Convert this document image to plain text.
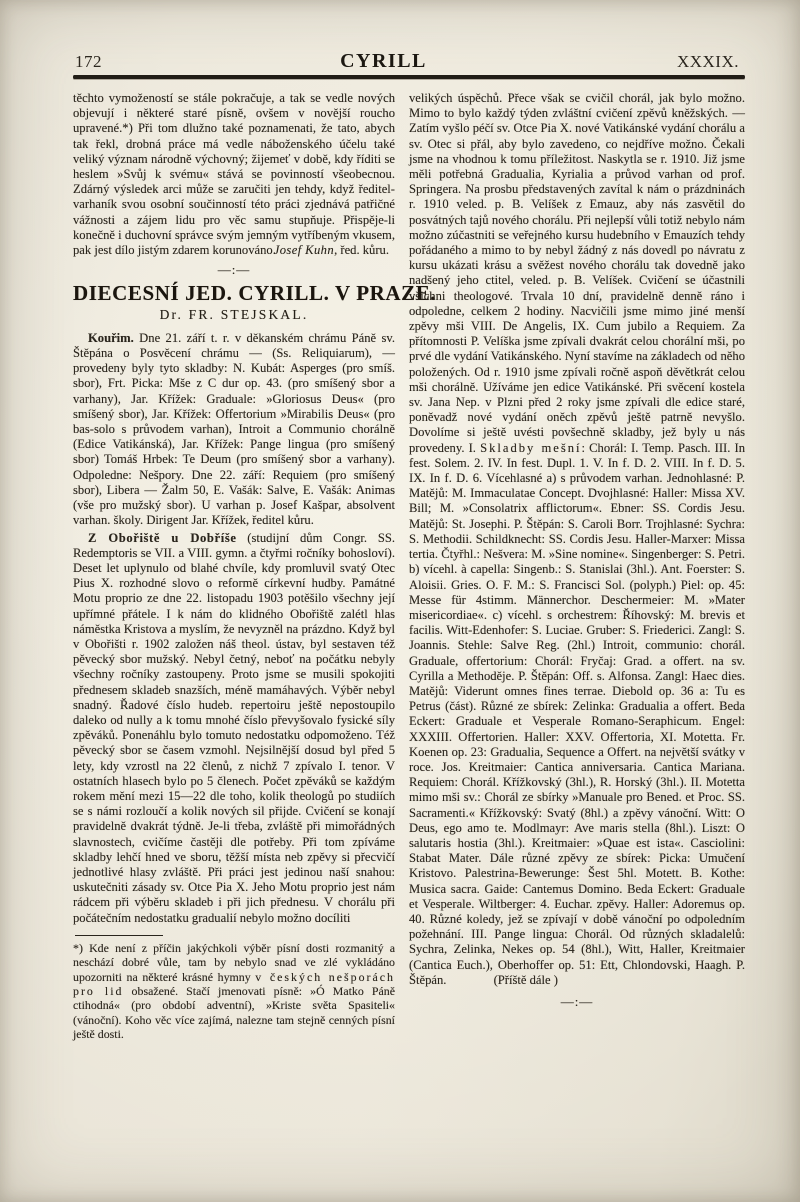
172	CYRILL	XXXIX.

těchto vymožeností se stále pokračuje, a tak se vedle nových objevují i některé staré písně, ovšem v novější roucho upravené.*) Při tom dlužno také poznamenati, že tato, abych tak řekl, drobná práce má vedle náboženského účelu také veliký význam národně výchovný; žijemeť v době, kdy říditi se heslem »Svůj k svému« stává se povinností všeobecnou. Zdárný výsledek arci může se zaručiti jen tehdy, když ředitel-varhaník svou osobní součinností této práci zjednává patřičné vážnosti a zájem lidu pro věc samu stupňuje. Přispěje-li konečně i duchovní správce svým jemným vytříbeným vkusem, pak jest dílo jistým zdarem korunováno.

Josef Kuhn, řed. kůru.
—:—
DIECESNÍ JED. CYRILL. V PRAZE.
Dr. FR. STEJSKAL.

Kouřim. Dne 21. září t. r. v děkanském chrámu Páně sv. Štěpána o Posvěcení chrámu — (Ss. Reliquiarum), — provedeny byly tyto skladby: N. Kubát: Asperges (pro smíš. sbor), Frt. Picka: Mše z C dur op. 43. (pro smíšený sbor a varhany), Jar. Křížek: Graduale: »Gloriosus Deus« (pro smíšený sbor), Jar. Křížek: Offertorium »Mirabilis Deus« (pro bas-solo s průvodem varhan), Introit a Communio chorálně (Edice Vatikánská), Jar. Křížek: Pange lingua (pro smíšený sbor) Tomáš Hrbek: Te Deum (pro smíšený sbor a varhany). Odpoledne: Nešpory. Dne 22. září: Requiem (pro smíšený sbor), Libera — Žalm 50, E. Vašák: Salve, E. Vašák: Animas (vše pro mužský sbor). U varhan p. Josef Kašpar, absolvent varhan. školy. Dirigent Jar. Křížek, ředitel kůru.

Z Obořiště u Dobříše (studijní dům Congr. SS. Redemptoris se VII. a VIII. gymn. a čtyřmi ročníky bohosloví). Deset let uplynulo od blahé chvíle, kdy promluvil svatý Otec Pius X. rozhodné slovo o reformě církevní hudby. Památné Motu proprio ze dne 22. listopadu 1903 potěšilo všechny její upřímné přátele. I k nám do klidného Obořiště zalétl hlas náměstka Kristova a myslím, že nevyzněl na prázdno. Když byl v Obořišti r. 1902 založen náš theol. ústav, byl sestaven též pěvecký sbor mužský. Nebyl četný, neboť na počátku nebyly všechny ročníky zastoupeny. Proto jsme se musili spokojiti přednesem skladeb snazších, méně mamáhavých. Výběr nebyl snadný. Řadové číslo hudeb. repertoiru ještě nepostoupilo daleko od nully a k tomu mnohé číslo převyšovalo fysické síly zpěváků. Ponenáhlu bylo tomuto nedostatku odpomoženo. Též pěvecký sbor se časem vzmohl. Nejsilnější dosud byl před 5 lety, kdy vzrostl na 22 členů, z nichž 7 zpívalo I. tenor. V ostatních hlasech bylo po 5 členech. Počet zpěváků se každým rokem mění mezi 15—22 dle toho, kolik theologů po studiích se s námi rozloučí a kolik nových sil přijde. Cvičení se konají pravidelně dvakrát týdně. Je-li třeba, zvláště při mimořádných slavnostech, cvičíme častěji dle potřeby. Při tom zpíváme skladby lehčí hned ve sboru, těžší místa neb zpěvy si přecvičí jednotlivé hlasy zvláště. Při práci jest jedinou naší snahou: uskutečniti zásady sv. Otce Pia X. Jeho Motu proprio jest nám rádcem při výběru skladeb i při jich přednesu. V chorálu při počátečním nedostatku gradualií nebylo možno docíliti

*) Kde není z příčin jakýchkoli výběr písní dosti rozmanitý a neschází dobré vůle, tam by nebylo snad ve zlé vykládáno upozorniti na některé krásné hymny v českých nešporách pro lid obsažené. Stačí jmenovati písně: »Ó Matko Páně ctihodná« (pro období adventní), »Kriste světa Spasiteli« (vánoční). Koho věc více zajímá, nalezne tam stejně cenných písní ještě dosti.

velikých úspěchů. Přece však se cvičil chorál, jak bylo možno. Mimo to bylo každý týden zvláštní cvičení zpěvů kněžských. — Zatím vyšlo péčí sv. Otce Pia X. nové Vatikánské vydání chorálu a sv. Otec si přál, aby bylo zavedeno, co nejdříve možno. Čekali jsme na vhodnou k tomu příležitost. Naskytla se r. 1910. Již jsme měli potřebná Gradualia, Kyrialia a průvod varhan od prof. Springera. Na prosbu představených zavítal k nám o prázdninách r. 1910 veled. p. B. Velíšek z Emauz, aby nás zasvětil do posvátných tajů nového chorálu. Při nejlepší vůli totiž nebylo nám možno zúčastniti se veřejného kursu hudebního v Emauzích tehdy pořádaného a mimo to by nebyl žádný z nás dovedl po návratu z kursu ukázati krásu a svěžest nového chorálu tak dovedně jako nadšený jeho ctitel, veled. p. B. Velíšek. Cvičení se účastnili všichni theologové. Trvala 10 dní, pravidelně denně ráno i odpoledne, celkem 2 hodiny. Nacvičili jsme mimo jiné menší zpěvy mši VIII. De Angelis, IX. Cum jubilo a Requiem. Za přítomnosti P. Velíška jsme zpívali dvakrát celou chorální mši, po prvé dle vydání Vatikánského. Nyní stavíme na základech od něho položených. Od r. 1910 jsme zpívali ročně aspoň děvětkrát celou mši chorálně. Užíváme jen edice Vatikánské. Při svěcení kostela sv. Jana Nep. v Plzni před 2 roky jsme zpívali dle edice staré, poněvadž nové vydání oněch zpěvů ještě patrně nevyšlo. Dovolíme si ještě uvésti povšechně skladby, jež byly u nás provedeny. I. Skladby mešní: Chorál: I. Temp. Pasch. III. In fest. Solem. 2. IV. In fest. Dupl. 1. V. In f. D. 2. VIII. In f. D. 5. IX. In f. D. 6. Vícehlasné a) s průvodem varhan. Jednohlasné: P. Matějů: M. Immaculatae Concept. Dvojhlasné: Haller: Missa XV. Bill; M. »Consolatrix afflictorum«. Ebner: SS. Cordis Jesu. Matějů: St. Josephi. P. Štěpán: S. Caroli Borr. Trojhlasné: Sychra: S. Methodii. Schildknecht: SS. Cordis Jesu. Haller-Marxer: Missa tertia. Čtyřhl.: Nešvera: M. »Sine nomine«. Singenberger: S. Petri. b) vícehl. à capella: Singenb.: S. Stanislai (3hl.). Ant. Foerster: S. Aloisii. Gries. O. F. M.: S. Francisci Sol. (polyph.) Piel: op. 45: Messe für 4stimm. Männerchor. Deschermeier: M. »Mater misericordiae«. c) vícehl. s orchestrem: Říhovský: M. brevis et facilis. Witt-Edenhofer: S. Luciae. Gruber: S. Friederici. Zangl: S. Joannis. Stehle: Salve Reg. (2hl.) Introit, communio: chorál. Graduale, offertorium: Chorál: Fryčaj: Grad. a offert. na sv. Cyrilla a Methoděje. P. Štěpán: Off. s. Alfonsa. Zangl: Haec dies. Matějů: Viderunt omnes fines terrae. Diebold op. 36 a: Tu es Petrus (část). Různé ze sbírek: Zelinka: Gradualia a offert. Beda Eckert: Graduale et Vesperale Romano-Seraphicum. Engel: XXXIII. Offertorien. Haller: XXV. Offertoria, XI. Motetta. Fr. Koenen op. 23: Gradualia, Sequence a Offert. na největší svátky v roce. Jos. Kreitmaier: Cantica anniversaria. Cantica Mariana. Requiem: Chorál. Křížkovský (3hl.), R. Horský (3hl.). II. Motetta mimo mši sv.: Chorál ze sbírky »Manuale pro Bened. et Proc. SS. Sacramenti.« Křížkovský: Svatý (8hl.) a zpěvy vánoční. Witt: O Deus, ego amo te. Modlmayr: Ave maris stella (8hl.). Liszt: O salutaris hostia (3hl.). Kreitmaier: »Quae est ista«. Casciolini: Stabat Mater. Dále různé zpěvy ze sbírek: Picka: Umučení Kristovo. Palestrina-Bewerunge: Šest 5hl. Motett. B. Kothe: Musica sacra. Gaide: Cantemus Domino. Beda Eckert: Graduale et Vesperale. Wiltberger: 4. Euchar. zpěvy. Haller: Adoremus op. 40. Různé koledy, jež se zpívají v době vánoční po odpoledním požehnání. III. Pange lingua: Chorál. Od různých skladalelů: Sychra, Zelinka, Nekes op. 54 (8hl.), Witt, Haller, Kreitmaier (Cantica Euch.), Oberhoffer op. 51: Ett, Chlondovski, Haagh. P. Štěpán.	(Příště dále )

—:—
